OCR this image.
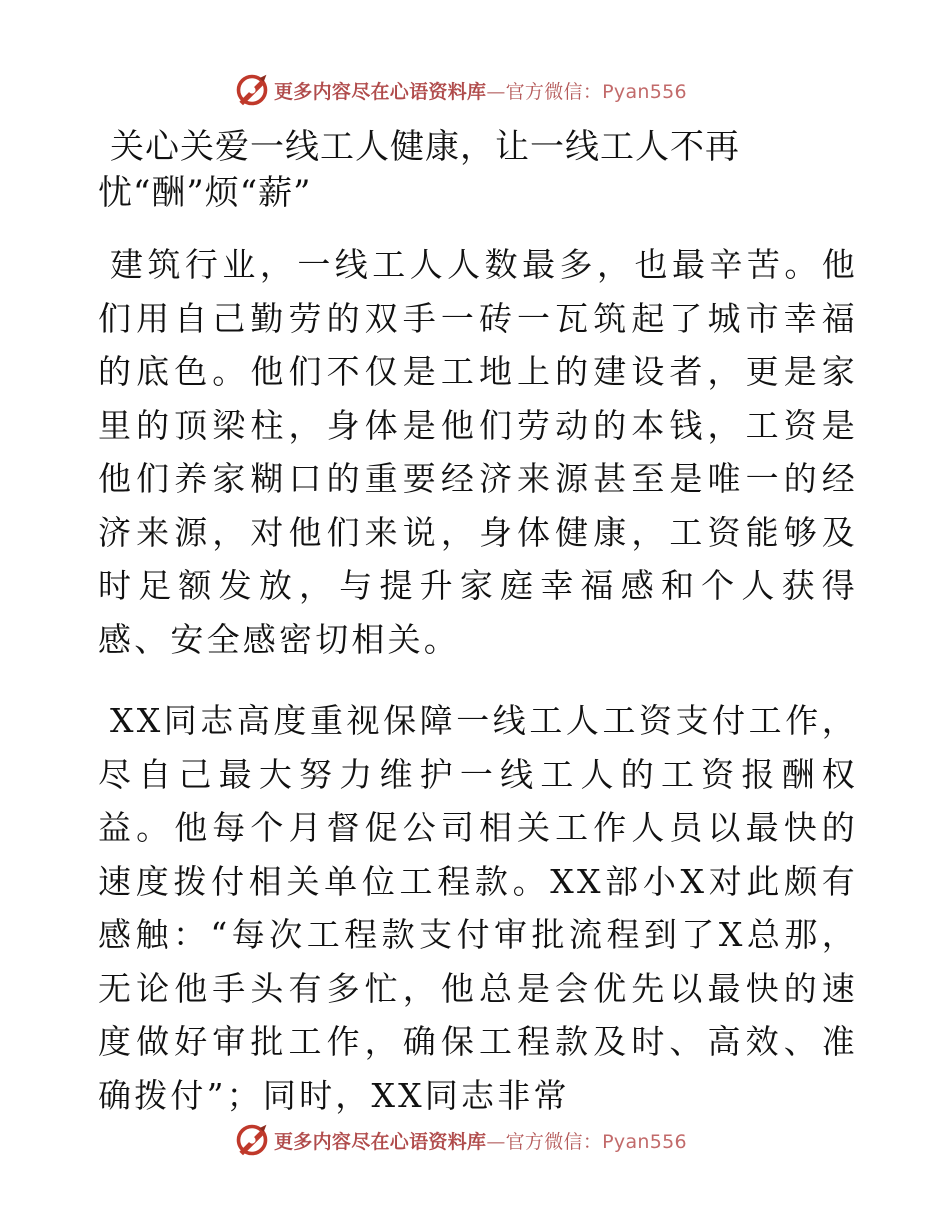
更多内容尽在心语资料库—官方微信：Pyan556
关心关爱一线工人健康，让一线工人不再忧“酬”烦“薪”

建筑行业，一线工人人数最多，也最辛苦。他们用自己勤劳的双手一砖一瓦筑起了城市幸福的底色。他们不仅是工地上的建设者，更是家里的顶梁柱，身体是他们劳动的本钱，工资是他们养家糊口的重要经济来源甚至是唯一的经济来源，对他们来说，身体健康，工资能够及时足额发放，与提升家庭幸福感和个人获得感、安全感密切相关。

XX同志高度重视保障一线工人工资支付工作，尽自己最大努力维护一线工人的工资报酬权益。他每个月督促公司相关工作人员以最快的速度拨付相关单位工程款。XX部小X对此颇有感触：“每次工程款支付审批流程到了X总那，无论他手头有多忙，他总是会优先以最快的速度做好审批工作，确保工程款及时、高效、准确拨付”；同时，XX同志非常

更多内容尽在心语资料库—官方微信：Pyan556
